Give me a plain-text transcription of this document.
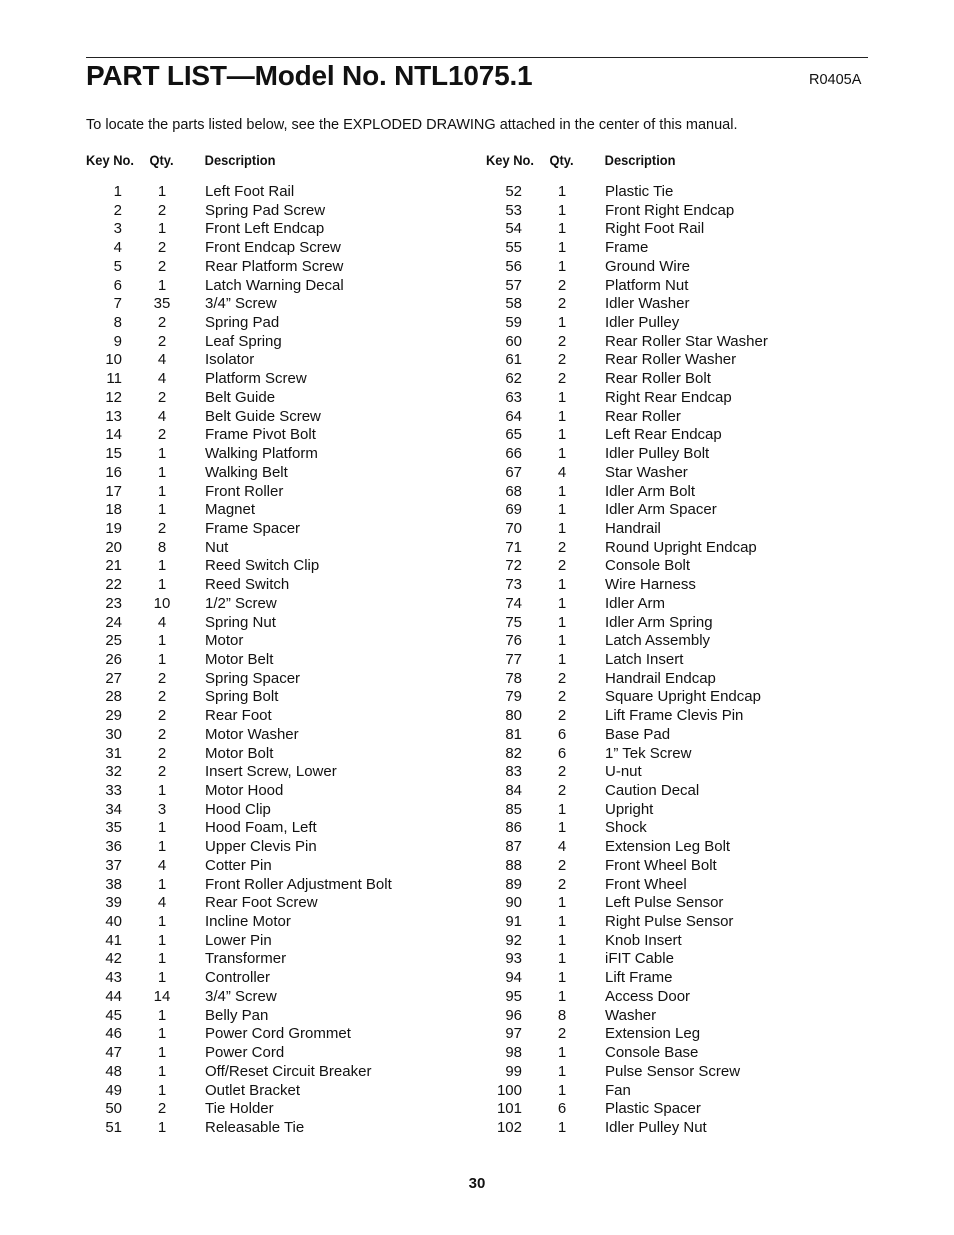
PART LIST—Model No. NTL1075.1	R0405A
To locate the parts listed below, see the EXPLODED DRAWING attached in the center of this manual.
Key No. Qty. Description
1	1	Left Foot Rail
2	2	Spring Pad Screw
3	1	Front Left Endcap
4	2	Front Endcap Screw
5	2	Rear Platform Screw
6	1	Latch Warning Decal
7	35	3/4” Screw
8	2	Spring Pad
9	2	Leaf Spring
10	4	Isolator
11	4	Platform Screw
12	2	Belt Guide
13	4	Belt Guide Screw
14	2	Frame Pivot Bolt
15	1	Walking Platform
16	1	Walking Belt
17	1	Front Roller
18	1	Magnet
19	2	Frame Spacer
20	8	Nut
21	1	Reed Switch Clip
22	1	Reed Switch
23	10	1/2” Screw
24	4	Spring Nut
25	1	Motor
26	1	Motor Belt
27	2	Spring Spacer
28	2	Spring Bolt
29	2	Rear Foot
30	2	Motor Washer
31	2	Motor Bolt
32	2	Insert Screw, Lower
33	1	Motor Hood
34	3	Hood Clip
35	1	Hood Foam, Left
36	1	Upper Clevis Pin
37	4	Cotter Pin
38	1	Front Roller Adjustment Bolt
39	4	Rear Foot Screw
40	1	Incline Motor
41	1	Lower Pin
42	1	Transformer
43	1	Controller
44	14	3/4” Screw
45	1	Belly Pan
46	1	Power Cord Grommet
47	1	Power Cord
48	1	Off/Reset Circuit Breaker
49	1	Outlet Bracket
50	2	Tie Holder
51	1	Releasable Tie
Key No. Qty. Description
52	1	Plastic Tie
53	1	Front Right Endcap
54	1	Right Foot Rail
55	1	Frame
56	1	Ground Wire
57	2	Platform Nut
58	2	Idler Washer
59	1	Idler Pulley
60	2	Rear Roller Star Washer
61	2	Rear Roller Washer
62	2	Rear Roller Bolt
63	1	Right Rear Endcap
64	1	Rear Roller
65	1	Left Rear Endcap
66	1	Idler Pulley Bolt
67	4	Star Washer
68	1	Idler Arm Bolt
69	1	Idler Arm Spacer
70	1	Handrail
71	2	Round Upright Endcap
72	2	Console Bolt
73	1	Wire Harness
74	1	Idler Arm
75	1	Idler Arm Spring
76	1	Latch Assembly
77	1	Latch Insert
78	2	Handrail Endcap
79	2	Square Upright Endcap
80	2	Lift Frame Clevis Pin
81	6	Base Pad
82	6	1” Tek Screw
83	2	U-nut
84	2	Caution Decal
85	1	Upright
86	1	Shock
87	4	Extension Leg Bolt
88	2	Front Wheel Bolt
89	2	Front Wheel
90	1	Left Pulse Sensor
91	1	Right Pulse Sensor
92	1	Knob Insert
93	1	iFIT Cable
94	1	Lift Frame
95	1	Access Door
96	8	Washer
97	2	Extension Leg
98	1	Console Base
99	1	Pulse Sensor Screw
100	1	Fan
101	6	Plastic Spacer
102	1	Idler Pulley Nut
30
